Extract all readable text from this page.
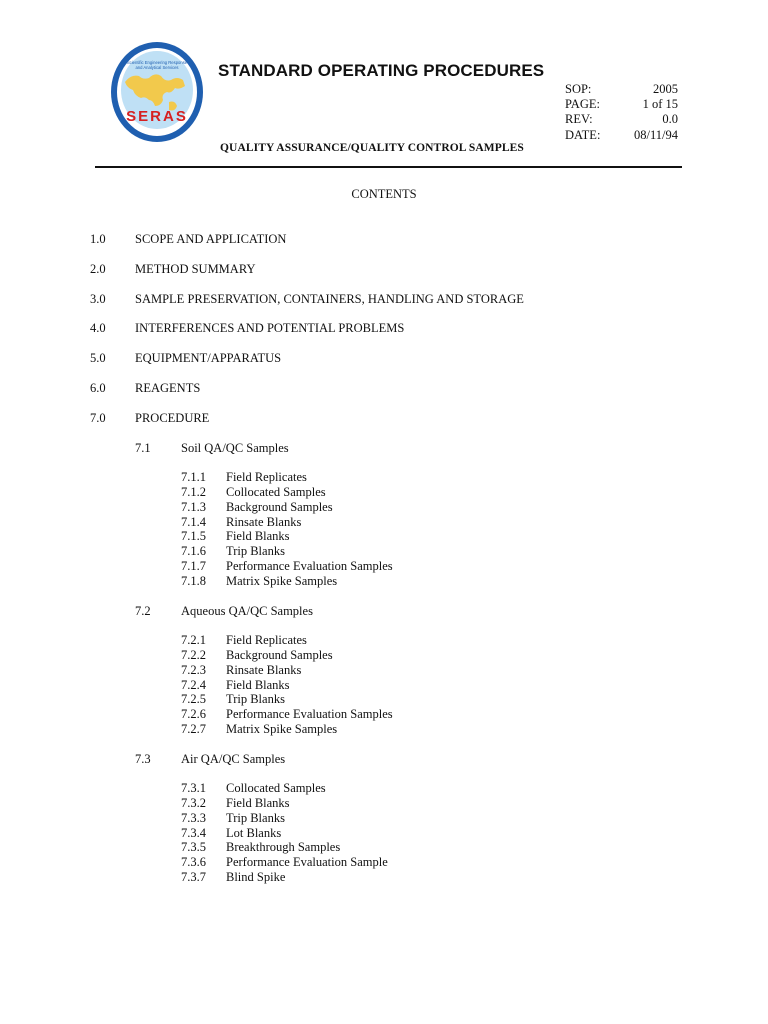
Scientific Engineering Response
and Analytical Services
SERAS
STANDARD OPERATING PROCEDURES
SOP:	2005
PAGE:	1 of 15
REV:	0.0
DATE:	08/11/94
QUALITY ASSURANCE/QUALITY CONTROL SAMPLES
CONTENTS
1.0 SCOPE AND APPLICATION
2.0 METHOD SUMMARY
3.0 SAMPLE PRESERVATION, CONTAINERS, HANDLING AND STORAGE
4.0 INTERFERENCES AND POTENTIAL PROBLEMS
5.0 EQUIPMENT/APPARATUS
6.0 REAGENTS
7.0 PROCEDURE
7.1 Soil QA/QC Samples
7.1.1 Field Replicates
7.1.2 Collocated Samples
7.1.3 Background Samples
7.1.4 Rinsate Blanks
7.1.5 Field Blanks
7.1.6 Trip Blanks
7.1.7 Performance Evaluation Samples
7.1.8 Matrix Spike Samples
7.2 Aqueous QA/QC Samples
7.2.1 Field Replicates
7.2.2 Background Samples
7.2.3 Rinsate Blanks
7.2.4 Field Blanks
7.2.5 Trip Blanks
7.2.6 Performance Evaluation Samples
7.2.7 Matrix Spike Samples
7.3 Air QA/QC Samples
7.3.1 Collocated Samples
7.3.2 Field Blanks
7.3.3 Trip Blanks
7.3.4 Lot Blanks
7.3.5 Breakthrough Samples
7.3.6 Performance Evaluation Sample
7.3.7 Blind Spike
